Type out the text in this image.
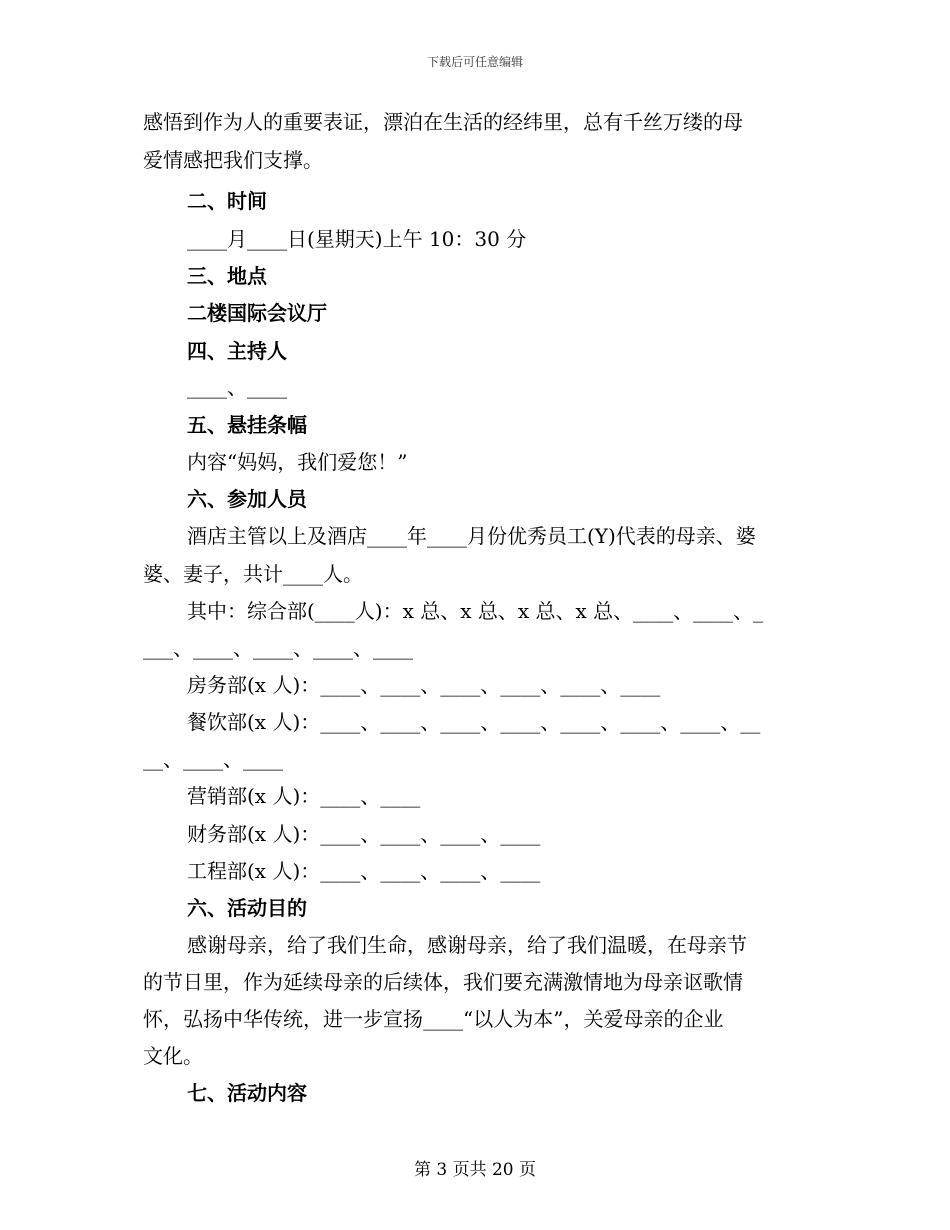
下载后可任意编辑
感悟到作为人的重要表证，漂泊在生活的经纬里，总有千丝万缕的母
爱情感把我们支撑。
二、时间
____月____日(星期天)上午 10：30 分
三、地点
二楼国际会议厅
四、主持人
____、____
五、悬挂条幅
内容“妈妈，我们爱您！”
六、参加人员
酒店主管以上及酒店____年____月份优秀员工(Y)代表的母亲、婆
婆、妻子，共计____人。
其中：综合部(____人)：x 总、x 总、x 总、x 总、____、____、_
___、____、____、____、____
房务部(x 人)：____、____、____、____、____、____
餐饮部(x 人)：____、____、____、____、____、____、____、__
__、____、____
营销部(x 人)：____、____
财务部(x 人)：____、____、____、____
工程部(x 人)：____、____、____、____
六、活动目的
感谢母亲，给了我们生命，感谢母亲，给了我们温暖，在母亲节
的节日里，作为延续母亲的后续体，我们要充满激情地为母亲讴歌情
怀，弘扬中华传统，进一步宣扬____“以人为本”，关爱母亲的企业
文化。
七、活动内容
第 3 页共 20 页
